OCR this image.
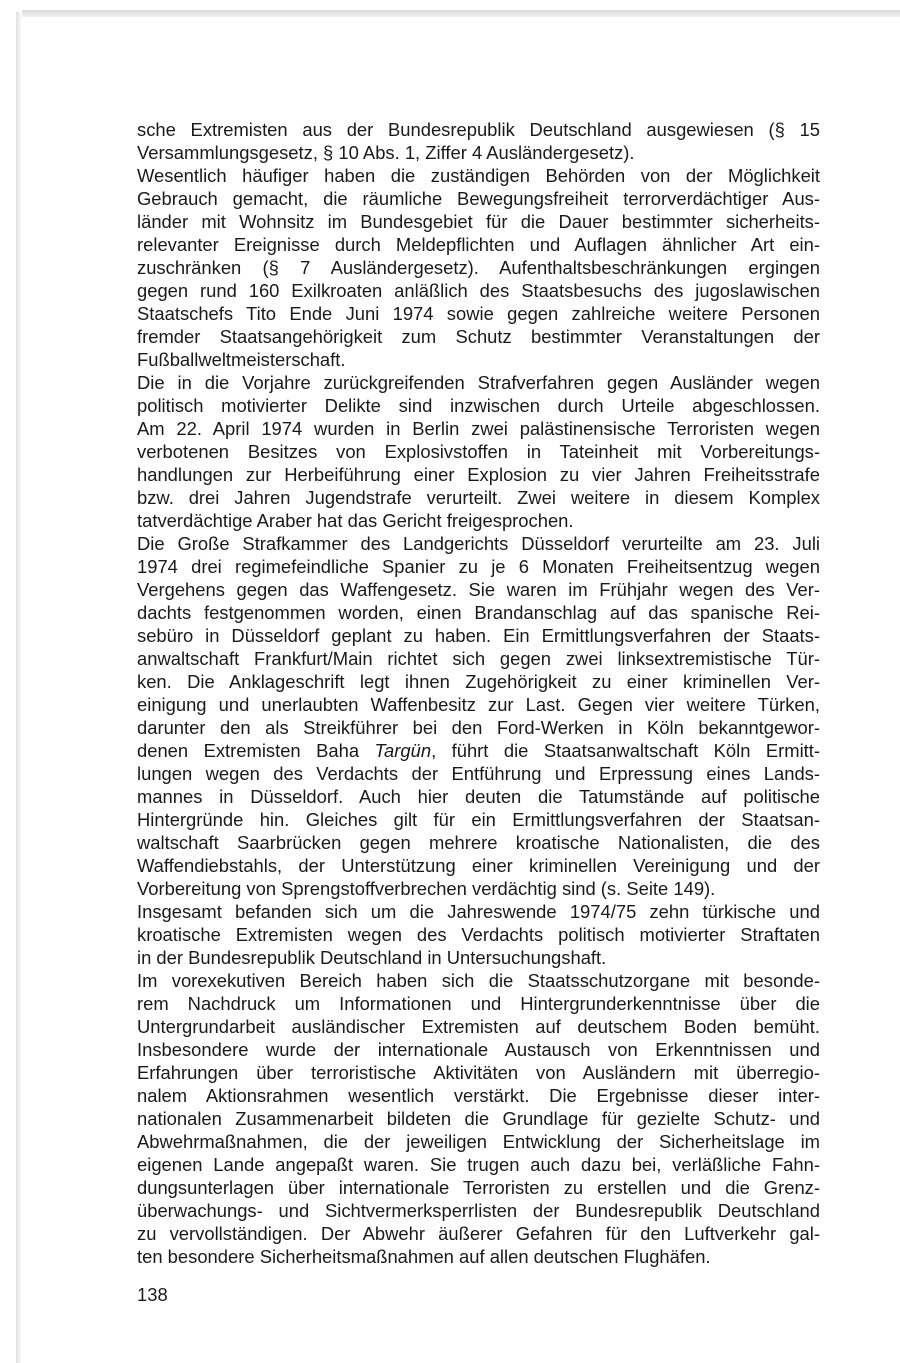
sche Extremisten aus der Bundesrepublik Deutschland ausgewiesen (§ 15
Versammlungsgesetz, § 10 Abs. 1, Ziffer 4 Ausländergesetz).
Wesentlich häufiger haben die zuständigen Behörden von der Möglichkeit
Gebrauch gemacht, die räumliche Bewegungsfreiheit terrorverdächtiger Aus-
länder mit Wohnsitz im Bundesgebiet für die Dauer bestimmter sicherheits-
relevanter Ereignisse durch Meldepflichten und Auflagen ähnlicher Art ein-
zuschränken (§ 7 Ausländergesetz). Aufenthaltsbeschränkungen ergingen
gegen rund 160 Exilkroaten anläßlich des Staatsbesuchs des jugoslawischen
Staatschefs Tito Ende Juni 1974 sowie gegen zahlreiche weitere Personen
fremder Staatsangehörigkeit zum Schutz bestimmter Veranstaltungen der
Fußballweltmeisterschaft.
Die in die Vorjahre zurückgreifenden Strafverfahren gegen Ausländer wegen
politisch motivierter Delikte sind inzwischen durch Urteile abgeschlossen.
Am 22. April 1974 wurden in Berlin zwei palästinensische Terroristen wegen
verbotenen Besitzes von Explosivstoffen in Tateinheit mit Vorbereitungs-
handlungen zur Herbeiführung einer Explosion zu vier Jahren Freiheitsstrafe
bzw. drei Jahren Jugendstrafe verurteilt. Zwei weitere in diesem Komplex
tatverdächtige Araber hat das Gericht freigesprochen.
Die Große Strafkammer des Landgerichts Düsseldorf verurteilte am 23. Juli
1974 drei regimefeindliche Spanier zu je 6 Monaten Freiheitsentzug wegen
Vergehens gegen das Waffengesetz. Sie waren im Frühjahr wegen des Ver-
dachts festgenommen worden, einen Brandanschlag auf das spanische Rei-
sebüro in Düsseldorf geplant zu haben. Ein Ermittlungsverfahren der Staats-
anwaltschaft Frankfurt/Main richtet sich gegen zwei linksextremistische Tür-
ken. Die Anklageschrift legt ihnen Zugehörigkeit zu einer kriminellen Ver-
einigung und unerlaubten Waffenbesitz zur Last. Gegen vier weitere Türken,
darunter den als Streikführer bei den Ford-Werken in Köln bekanntgewor-
denen Extremisten Baha Targün, führt die Staatsanwaltschaft Köln Ermitt-
lungen wegen des Verdachts der Entführung und Erpressung eines Lands-
mannes in Düsseldorf. Auch hier deuten die Tatumstände auf politische
Hintergründe hin. Gleiches gilt für ein Ermittlungsverfahren der Staatsan-
waltschaft Saarbrücken gegen mehrere kroatische Nationalisten, die des
Waffendiebstahls, der Unterstützung einer kriminellen Vereinigung und der
Vorbereitung von Sprengstoffverbrechen verdächtig sind (s. Seite 149).
Insgesamt befanden sich um die Jahreswende 1974/75 zehn türkische und
kroatische Extremisten wegen des Verdachts politisch motivierter Straftaten
in der Bundesrepublik Deutschland in Untersuchungshaft.
Im vorexekutiven Bereich haben sich die Staatsschutzorgane mit besonde-
rem Nachdruck um Informationen und Hintergrunderkenntnisse über die
Untergrundarbeit ausländischer Extremisten auf deutschem Boden bemüht.
Insbesondere wurde der internationale Austausch von Erkenntnissen und
Erfahrungen über terroristische Aktivitäten von Ausländern mit überregio-
nalem Aktionsrahmen wesentlich verstärkt. Die Ergebnisse dieser inter-
nationalen Zusammenarbeit bildeten die Grundlage für gezielte Schutz- und
Abwehrmaßnahmen, die der jeweiligen Entwicklung der Sicherheitslage im
eigenen Lande angepaßt waren. Sie trugen auch dazu bei, verläßliche Fahn-
dungsunterlagen über internationale Terroristen zu erstellen und die Grenz-
überwachungs- und Sichtvermerksperrlisten der Bundesrepublik Deutschland
zu vervollständigen. Der Abwehr äußerer Gefahren für den Luftverkehr gal-
ten besondere Sicherheitsmaßnahmen auf allen deutschen Flughäfen.
138
